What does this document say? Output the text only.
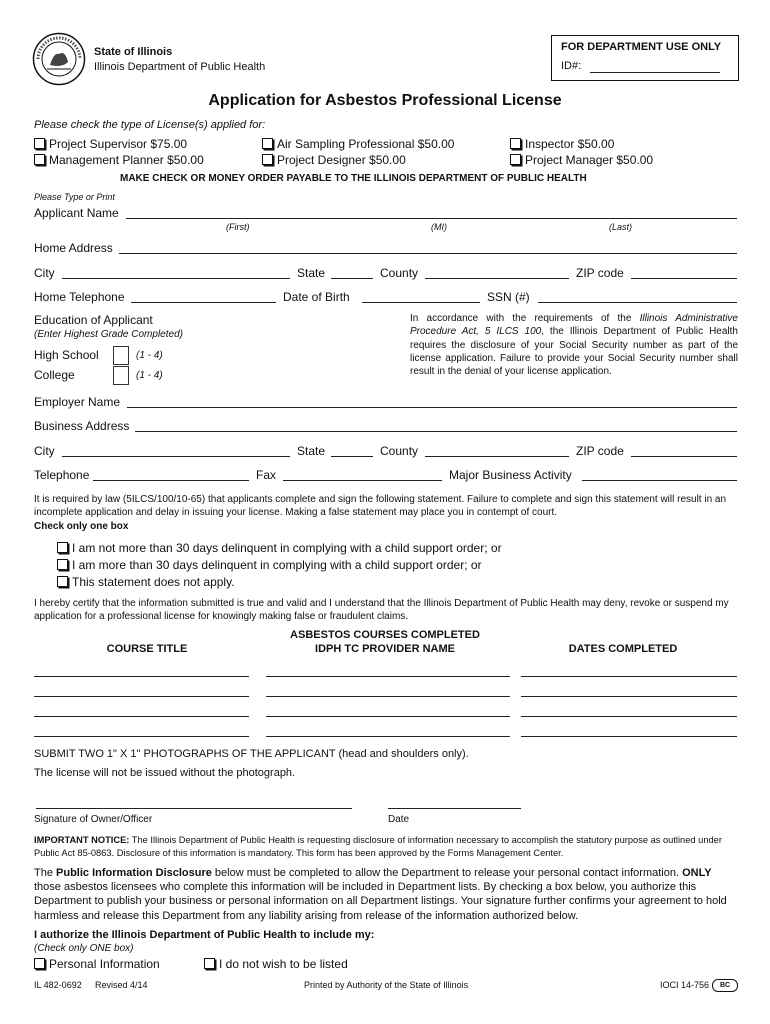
State of Illinois
Illinois Department of Public Health
FOR DEPARTMENT USE ONLY
ID#:
Application for Asbestos Professional License
Please check the type of License(s) applied for:
Project Supervisor $75.00	Air Sampling Professional $50.00	Inspector $50.00
Management Planner $50.00	Project Designer $50.00	Project Manager $50.00
MAKE CHECK OR MONEY ORDER PAYABLE TO THE ILLINOIS DEPARTMENT OF PUBLIC HEALTH
Please Type or Print
Applicant Name
(First)	(MI)	(Last)
Home Address
City	State	County	ZIP code
Home Telephone	Date of Birth	SSN (#)
Education of Applicant
(Enter Highest Grade Completed)
High School	(1 - 4)
College	(1 - 4)
In accordance with the requirements of the Illinois Administrative Procedure Act, 5 ILCS 100, the Illinois Department of Public Health requires the disclosure of your Social Security number as part of the license application. Failure to provide your Social Security number shall result in the denial of your license application.
Employer Name
Business Address
City	State	County	ZIP code
Telephone	Fax	Major Business Activity
It is required by law (5ILCS/100/10-65) that applicants complete and sign the following statement. Failure to complete and sign this statement will result in an incomplete application and delay in issuing your license. Making a false statement may place you in contempt of court.
Check only one box
I am not more than 30 days delinquent in complying with a child support order; or
I am more than 30 days delinquent in complying with a child support order; or
This statement does not apply.
I hereby certify that the information submitted is true and valid and I understand that the Illinois Department of Public Health may deny, revoke or suspend my application for a professional license for knowingly making false or fraudulent claims.
ASBESTOS COURSES COMPLETED
COURSE TITLE	IDPH TC PROVIDER NAME	DATES COMPLETED
SUBMIT TWO 1" X 1" PHOTOGRAPHS OF THE APPLICANT (head and shoulders only).
The license will not be issued without the photograph.
Signature of Owner/Officer	Date
IMPORTANT NOTICE: The Illinois Department of Public Health is requesting disclosure of information necessary to accomplish the statutory purpose as outlined under Public Act 85-0863. Disclosure of this information is mandatory. This form has been approved by the Forms Management Center.
The Public Information Disclosure below must be completed to allow the Department to release your personal contact information. ONLY those asbestos licensees who complete this information will be included in Department lists. By checking a box below, you authorize this Department to publish your business or personal information on all Department listings. Your signature further confirms your agreement to hold harmless and release this Department from any liability arising from release of the information authorized below.
I authorize the Illinois Department of Public Health to include my:
(Check only ONE box)
Personal Information	I do not wish to be listed
IL 482-0692 Revised 4/14	Printed by Authority of the State of Illinois	IOCI 14-756	BC
